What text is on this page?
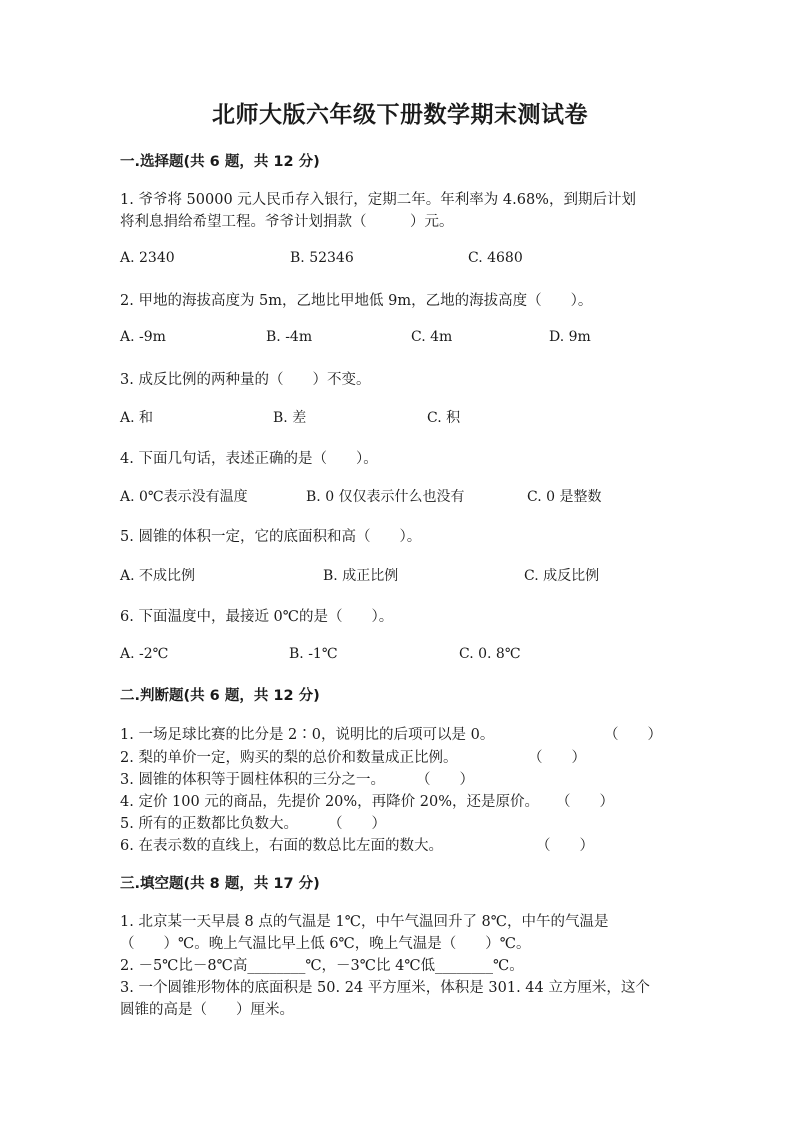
北师大版六年级下册数学期末测试卷
一.选择题(共 6 题，共 12 分)
1. 爷爷将 50000 元人民币存入银行，定期二年。年利率为 4.68%，到期后计划
将利息捐给希望工程。爷爷计划捐款（　　　）元。
A. 2340	B. 52346	C. 4680
2. 甲地的海拔高度为 5m，乙地比甲地低 9m，乙地的海拔高度（　　）。
A. -9m	B. -4m	C. 4m	D. 9m
3. 成反比例的两种量的（　　）不变。
A. 和	B. 差	C. 积
4. 下面几句话，表述正确的是（　　）。
A. 0℃表示没有温度	B. 0 仅仅表示什么也没有	C. 0 是整数
5. 圆锥的体积一定，它的底面积和高（　　）。
A. 不成比例	B. 成正比例	C. 成反比例
6. 下面温度中，最接近 0℃的是（　　）。
A. -2℃	B. -1℃	C. 0. 8℃
二.判断题(共 6 题，共 12 分)
1. 一场足球比赛的比分是 2∶0，说明比的后项可以是 0。	（　　）
2. 梨的单价一定，购买的梨的总价和数量成正比例。	（　　）
3. 圆锥的体积等于圆柱体积的三分之一。 （　　）
4. 定价 100 元的商品，先提价 20%，再降价 20%，还是原价。 （　　）
5. 所有的正数都比负数大。 （　　）
6. 在表示数的直线上，右面的数总比左面的数大。	（　　）
三.填空题(共 8 题，共 17 分)
1. 北京某一天早晨 8 点的气温是 1℃，中午气温回升了 8℃，中午的气温是
（　　）℃。晚上气温比早上低 6℃，晚上气温是（　　）℃。
2. －5℃比－8℃高________℃，－3℃比 4℃低________℃。
3. 一个圆锥形物体的底面积是 50. 24 平方厘米，体积是 301. 44 立方厘米，这个
圆锥的高是（　　）厘米。
